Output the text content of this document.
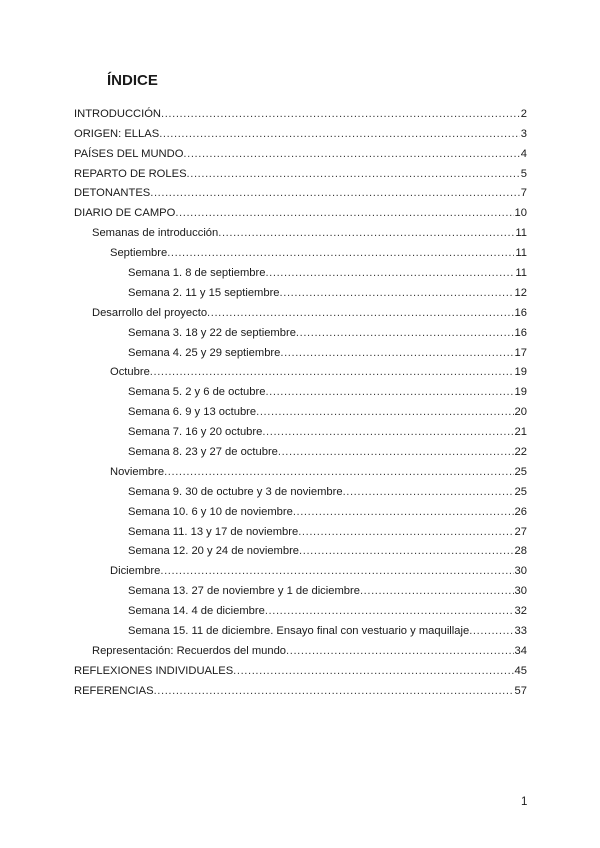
ÍNDICE
INTRODUCCIÓN .....	2
ORIGEN: ELLAS .....	3
PAÍSES DEL MUNDO .....	4
REPARTO DE ROLES .....	5
DETONANTES .....	7
DIARIO DE CAMPO .....	10
Semanas de introducción .....	11
Septiembre .....	11
Semana 1. 8 de septiembre .....	11
Semana 2. 11 y 15 septiembre .....	12
Desarrollo del proyecto .....	16
Semana 3. 18 y 22 de septiembre .....	16
Semana 4. 25 y 29 septiembre .....	17
Octubre .....	19
Semana 5. 2 y 6 de octubre .....	19
Semana 6. 9 y 13 octubre .....	20
Semana 7. 16 y 20 octubre .....	21
Semana 8. 23 y 27 de octubre .....	22
Noviembre .....	25
Semana 9. 30 de octubre y 3 de noviembre .....	25
Semana 10. 6 y 10 de noviembre .....	26
Semana 11. 13 y 17 de noviembre .....	27
Semana 12. 20 y 24 de noviembre .....	28
Diciembre .....	30
Semana 13. 27 de noviembre y 1 de diciembre .....	30
Semana 14. 4 de diciembre .....	32
Semana 15. 11 de diciembre. Ensayo final con vestuario y maquillaje .....	33
Representación: Recuerdos del mundo .....	34
REFLEXIONES INDIVIDUALES .....	45
REFERENCIAS .....	57
1
